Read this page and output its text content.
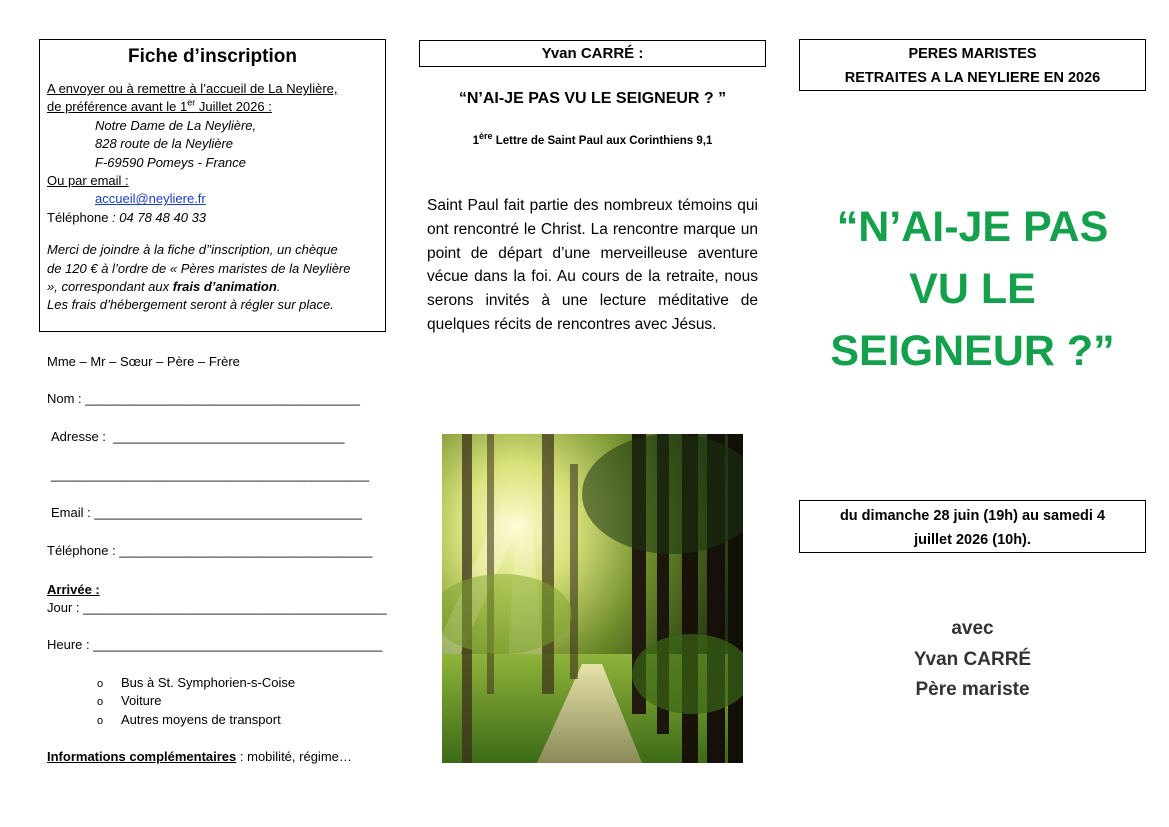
Fiche d’inscription
A envoyer ou à remettre à l’accueil de La Neylière,
de préférence avant le 1er Juillet 2026 :
Notre Dame de La Neylière,
828 route de la Neylière
F-69590 Pomeys - France
Ou par email :
accueil@neyliere.fr
Téléphone : 04 78 48 40 33
Merci de joindre à la fiche d’’inscription, un chèque
de 120 € à l’ordre de « Pères maristes de la Neylière
», correspondant aux frais d’animation.
Les frais d’hébergement seront à régler sur place.
Mme – Mr – Sœur – Père – Frère
Nom : ______________________________________
Adresse :  ________________________________
____________________________________________
Email : _____________________________________
Téléphone : ___________________________________
Arrivée :
Jour : __________________________________________
Heure : ________________________________________
o Bus à St. Symphorien-s-Coise
o Voiture
o Autres moyens de transport
Informations complémentaires : mobilité, régime…
Yvan CARRÉ :
“N’AI-JE PAS VU LE SEIGNEUR ? ”
1ère Lettre de Saint Paul aux Corinthiens 9,1
Saint Paul fait partie des nombreux témoins qui ont rencontré le Christ. La rencontre marque un point de départ d’une merveilleuse aventure vécue dans la foi. Au cours de la retraite, nous serons invités à une lecture méditative de quelques récits de rencontres avec Jésus.
PERES MARISTES
RETRAITES A LA NEYLIERE EN 2026
“N’AI-JE PAS
VU LE
SEIGNEUR ?”
du dimanche 28 juin (19h) au samedi 4
juillet 2026 (10h).
avec
Yvan CARRÉ
Père mariste
